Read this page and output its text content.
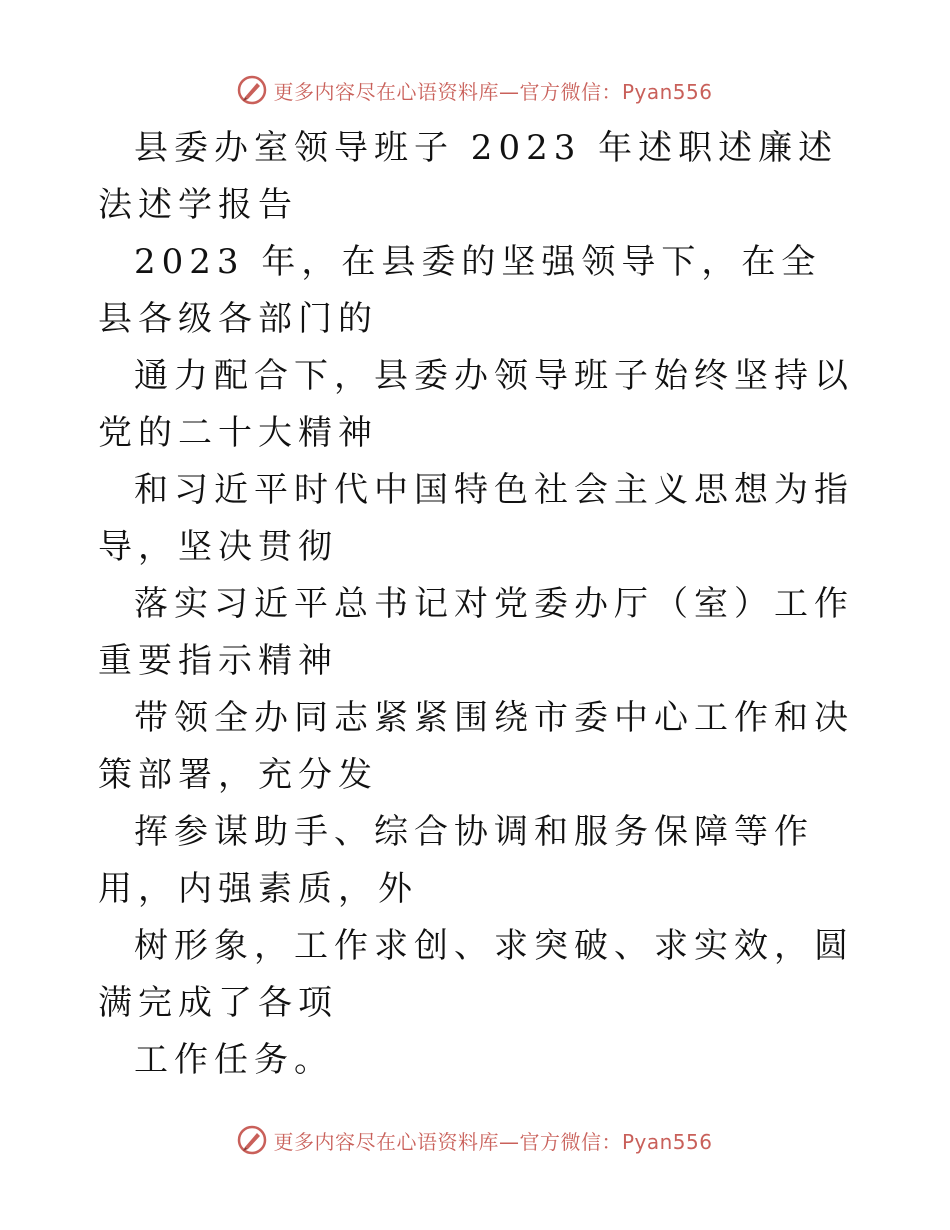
更多内容尽在心语资料库—官方微信：Pyan556

县委办室领导班子 2023 年述职述廉述法述学报告

2023 年，在县委的坚强领导下，在全县各级各部门的

通力配合下，县委办领导班子始终坚持以党的二十大精神

和习近平时代中国特色社会主义思想为指导，坚决贯彻

落实习近平总书记对党委办厅（室）工作重要指示精神

带领全办同志紧紧围绕市委中心工作和决策部署，充分发

挥参谋助手、综合协调和服务保障等作用，内强素质，外

树形象，工作求创、求突破、求实效，圆满完成了各项

工作任务。

更多内容尽在心语资料库—官方微信：Pyan556
